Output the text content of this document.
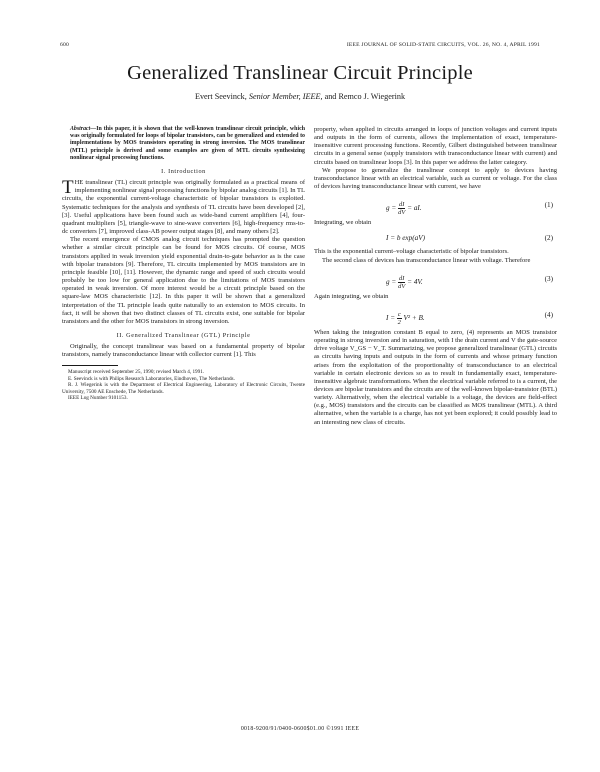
600	IEEE JOURNAL OF SOLID-STATE CIRCUITS, VOL. 26, NO. 4, APRIL 1991
Generalized Translinear Circuit Principle
Evert Seevinck, Senior Member, IEEE, and Remco J. Wiegerink

Abstract—In this paper, it is shown that the well-known translinear circuit principle, which was originally formulated for loops of bipolar transistors, can be generalized and extended to implementations by MOS transistors operating in strong inversion. The MOS translinear (MTL) principle is derived and some examples are given of MTL circuits synthesizing nonlinear signal processing functions.

I. Introduction

THE translinear (TL) circuit principle was originally formulated as a practical means of implementing nonlinear signal processing functions by bipolar analog circuits [1]. In TL circuits, the exponential current-voltage characteristic of bipolar transistors is exploited. Systematic techniques for the analysis and synthesis of TL circuits have been developed [2], [3]. Useful applications have been found such as wide-band current amplifiers [4], four-quadrant multipliers [5], triangle-wave to sine-wave converters [6], high-frequency rms-to-dc converters [7], improved class-AB power output stages [8], and many others [2].

The recent emergence of CMOS analog circuit techniques has prompted the question whether a similar circuit principle can be found for MOS circuits. Of course, MOS transistors applied in weak inversion yield exponential drain-to-gate behavior as is the case with bipolar transistors [9]. Therefore, TL circuits implemented by MOS transistors are in principle feasible [10], [11]. However, the dynamic range and speed of such circuits would probably be too low for general application due to the limitations of MOS transistors operated in weak inversion. Of more interest would be a circuit principle based on the square-law MOS characteristic [12]. In this paper it will be shown that a generalized interpretation of the TL principle leads quite naturally to an extension to MOS circuits. In fact, it will be shown that two distinct classes of TL circuits exist, one suitable for bipolar transistors and the other for MOS transistors in strong inversion.

II. Generalized Translinear (GTL) Principle

Originally, the concept translinear was based on a fundamental property of bipolar transistors, namely transconductance linear with collector current [1]. This

Manuscript received September 25, 1990; revised March 4, 1991.

E. Seevinck is with Philips Research Laboratories, Eindhoven, The Netherlands.

R. J. Wiegerink is with the Department of Electrical Engineering, Laboratory of Electronic Circuits, Twente University, 7500 AE Enschede, The Netherlands.

IEEE Log Number 9101153.

property, when applied in circuits arranged in loops of junction voltages and current inputs and outputs in the form of currents, allows the implementation of exact, temperature-insensitive current processing functions. Recently, Gilbert distinguished between translinear circuits in a general sense (supply transistors with transconductance linear with current) and circuits based on translinear loops [3]. In this paper we address the latter category.

We propose to generalize the translinear concept to apply to devices having transconductance linear with an electrical variable, such as current or voltage. For the class of devices having transconductance linear with current, we have

$g = \frac{dI}{dV}$ = aI.	(1)

Integrating, we obtain

I = b exp(aV)	(2)

This is the exponential current–voltage characteristic of bipolar transistors.

The second class of devices has transconductance linear with voltage. Therefore

$g = \frac{dI}{dV} = 4V$.	(3)

Again integrating, we obtain

$I = \frac{c}{2} V^2 + B$.	(4)

When taking the integration constant B equal to zero, (4) represents an MOS transistor operating in strong inversion and in saturation, with I the drain current and V the gate-source drive voltage V_GS − V_T. Summarizing, we propose generalized translinear (GTL) circuits as circuits having inputs and outputs in the form of currents and whose primary function arises from the exploitation of the proportionality of transconductance to an electrical variable in certain electronic devices so as to result in fundamentally exact, temperature-insensitive algebraic transformations. When the electrical variable referred to is a current, the devices are bipolar transistors and the circuits are of the well-known bipolar-transistor (BTL) variety. Alternatively, when the electrical variable is a voltage, the devices are field-effect (e.g., MOS) transistors and the circuits can be classified as MOS translinear (MTL). A third alternative, when the variable is a charge, has not yet been explored; it could possibly lead to an interesting new class of circuits.

0018-9200/91/0400-0600$01.00 ©1991 IEEE
